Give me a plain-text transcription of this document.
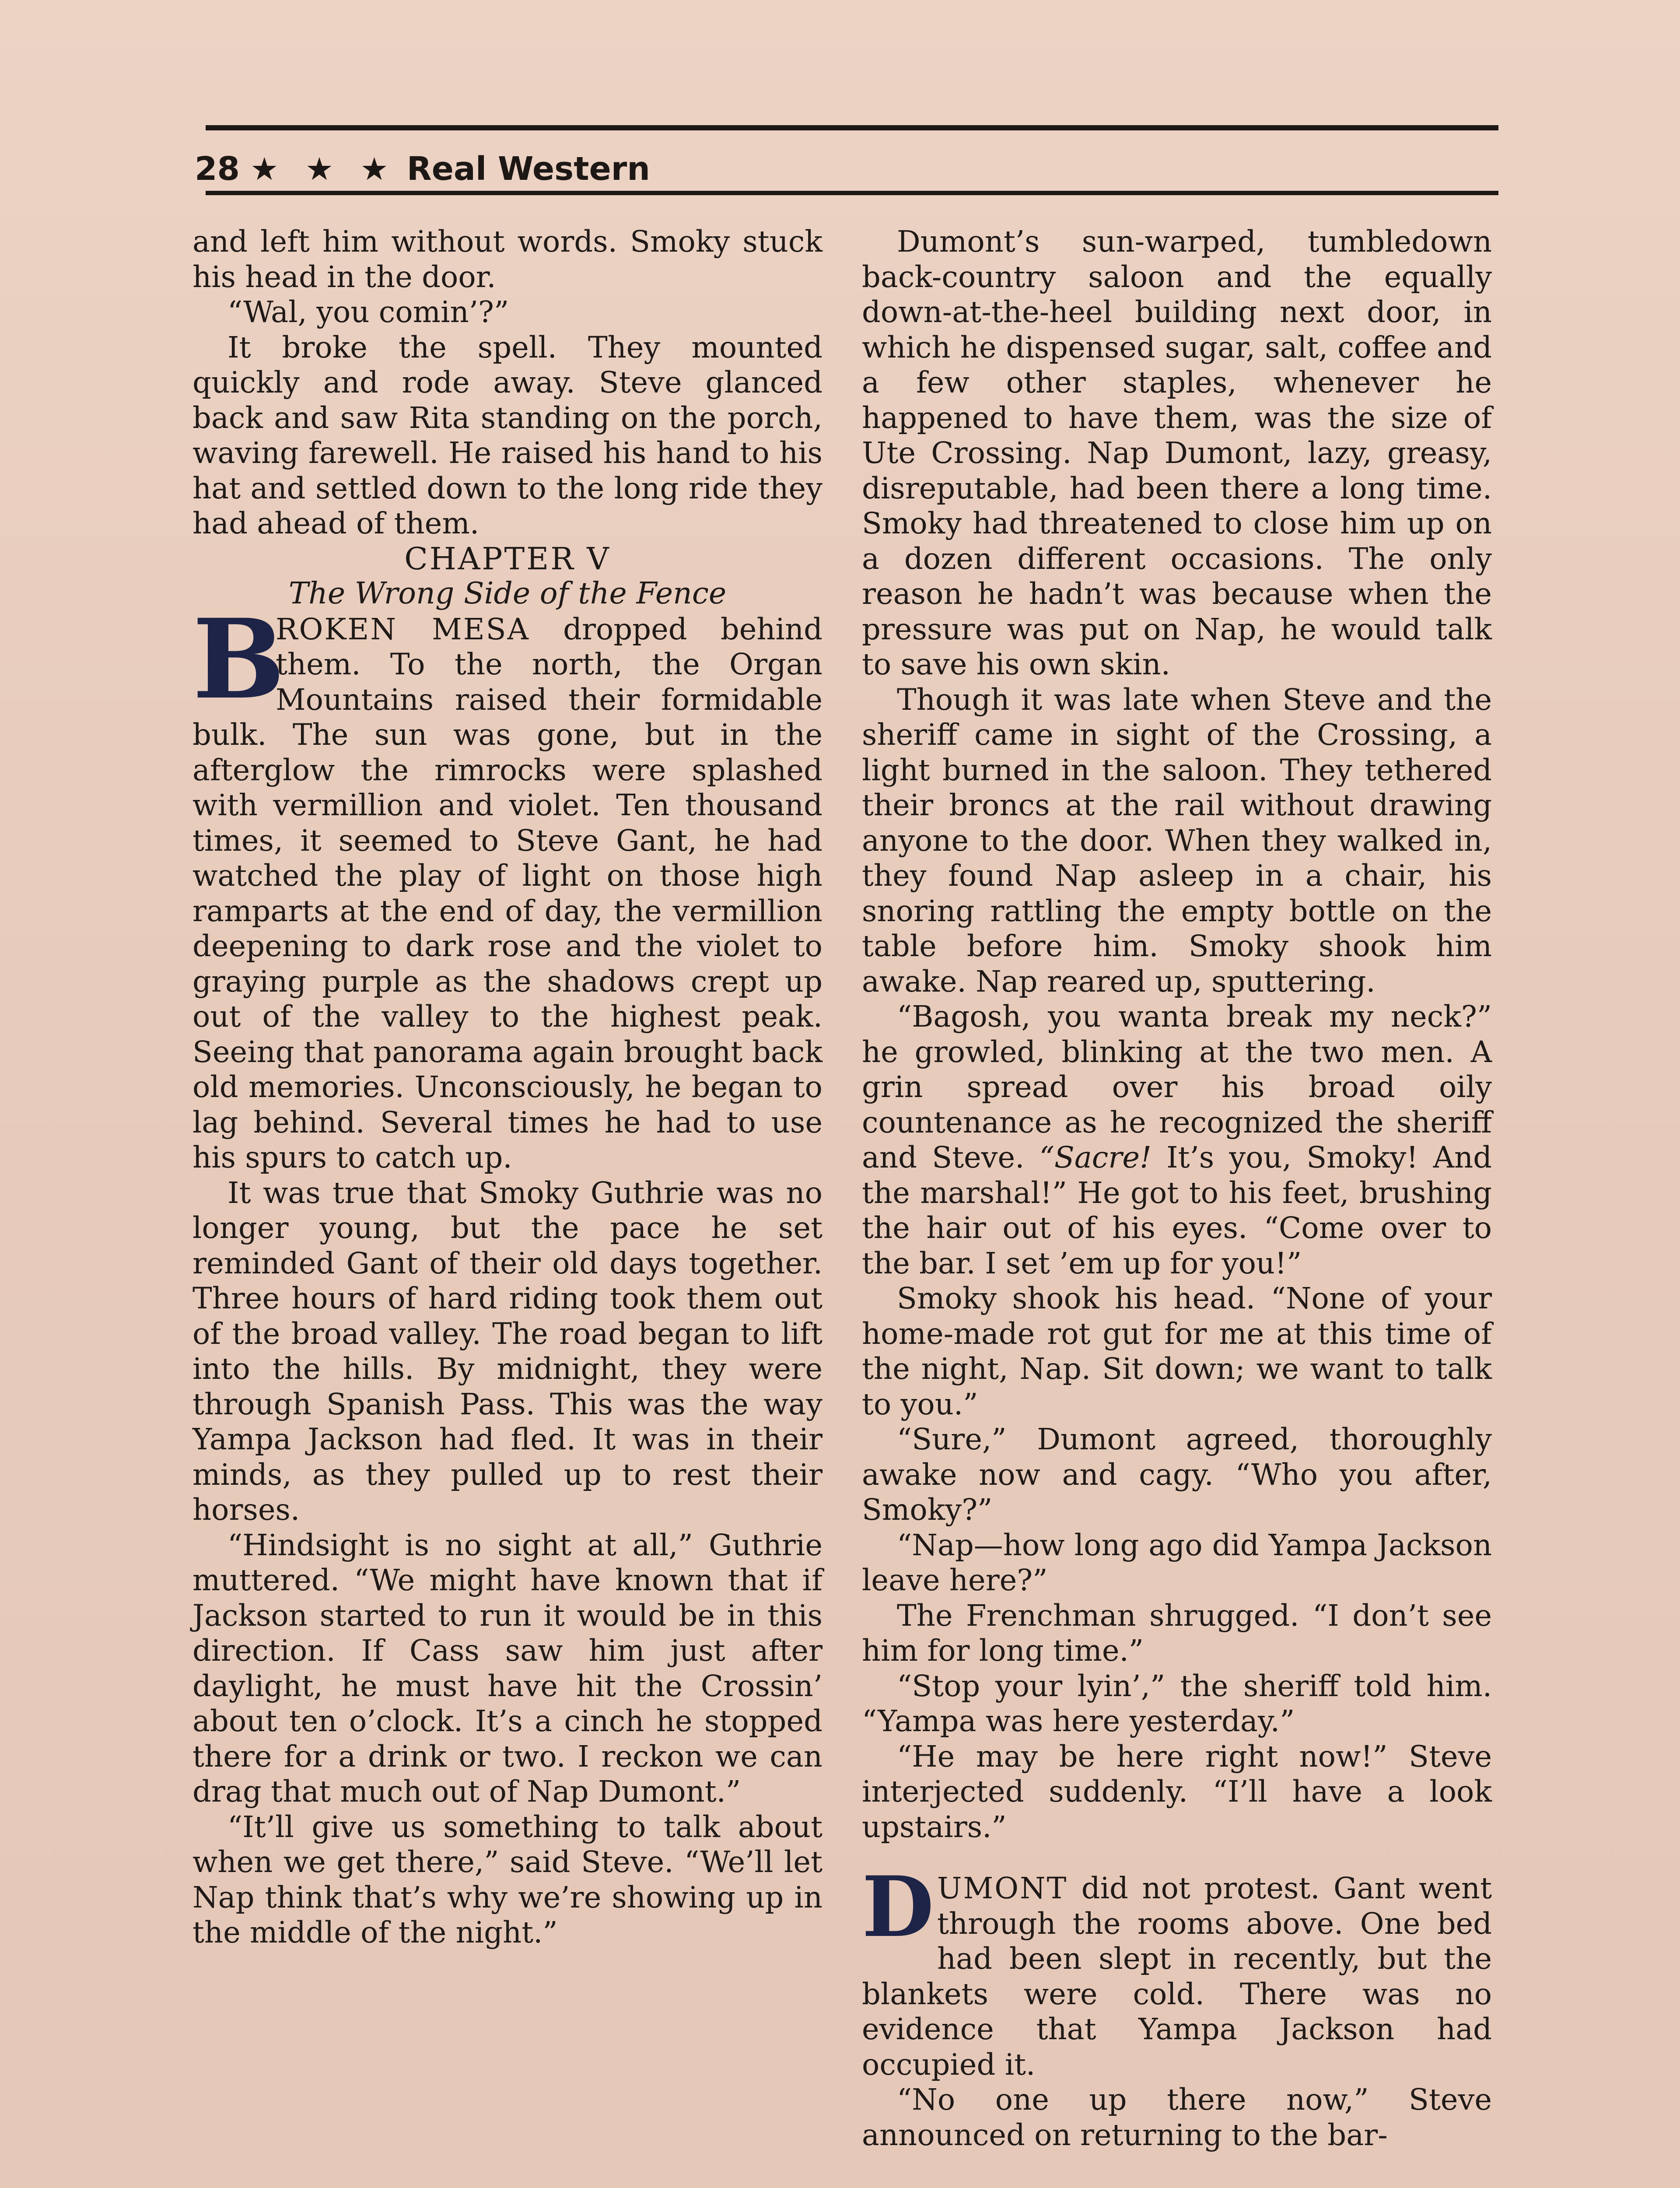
28 ★ ★ ★ Real Western

and left him without words. Smoky stuck his head in the door.

“Wal, you comin’?”

It broke the spell. They mounted quickly and rode away. Steve glanced back and saw Rita standing on the porch, waving farewell. He raised his hand to his hat and settled down to the long ride they had ahead of them.

CHAPTER V

The Wrong Side of the Fence

B
ROKEN MESA dropped behind them. To the north, the Organ Mountains raised their formidable bulk. The sun was gone, but in the afterglow the rimrocks were splashed with vermillion and violet. Ten thousand times, it seemed to Steve Gant, he had watched the play of light on those high ramparts at the end of day, the vermillion deepening to dark rose and the violet to graying purple as the shadows crept up out of the valley to the highest peak. Seeing that panorama again brought back old memories. Unconsciously, he began to lag behind. Several times he had to use his spurs to catch up.

It was true that Smoky Guthrie was no longer young, but the pace he set reminded Gant of their old days together. Three hours of hard riding took them out of the broad valley. The road began to lift into the hills. By midnight, they were through Spanish Pass. This was the way Yampa Jackson had fled. It was in their minds, as they pulled up to rest their horses.

“Hindsight is no sight at all,” Guthrie muttered. “We might have known that if Jackson started to run it would be in this direction. If Cass saw him just after daylight, he must have hit the Crossin’ about ten o’clock. It’s a cinch he stopped there for a drink or two. I reckon we can drag that much out of Nap Dumont.”

“It’ll give us something to talk about when we get there,” said Steve. “We’ll let Nap think that’s why we’re showing up in the middle of the night.”

Dumont’s sun-warped, tumbledown back-country saloon and the equally down-at-the-heel building next door, in which he dispensed sugar, salt, coffee and a few other staples, whenever he happened to have them, was the size of Ute Crossing. Nap Dumont, lazy, greasy, disreputable, had been there a long time. Smoky had threatened to close him up on a dozen different occasions. The only reason he hadn’t was because when the pressure was put on Nap, he would talk to save his own skin.

Though it was late when Steve and the sheriff came in sight of the Crossing, a light burned in the saloon. They tethered their broncs at the rail without drawing anyone to the door. When they walked in, they found Nap asleep in a chair, his snoring rattling the empty bottle on the table before him. Smoky shook him awake. Nap reared up, sputtering.

“Bagosh, you wanta break my neck?” he growled, blinking at the two men. A grin spread over his broad oily countenance as he recognized the sheriff and Steve. “Sacre! It’s you, Smoky! And the marshal!” He got to his feet, brushing the hair out of his eyes. “Come over to the bar. I set ’em up for you!”

Smoky shook his head. “None of your home-made rot gut for me at this time of the night, Nap. Sit down; we want to talk to you.”

“Sure,” Dumont agreed, thoroughly awake now and cagy. “Who you after, Smoky?”

“Nap—how long ago did Yampa Jackson leave here?”

The Frenchman shrugged. “I don’t see him for long time.”

“Stop your lyin’,” the sheriff told him. “Yampa was here yesterday.”

“He may be here right now!” Steve interjected suddenly. “I’ll have a look upstairs.”

DUMONT did not protest. Gant went through the rooms above. One bed had been slept in recently, but the blankets were cold. There was no evidence that Yampa Jackson had occupied it.

“No one up there now,” Steve announced on returning to the bar-
